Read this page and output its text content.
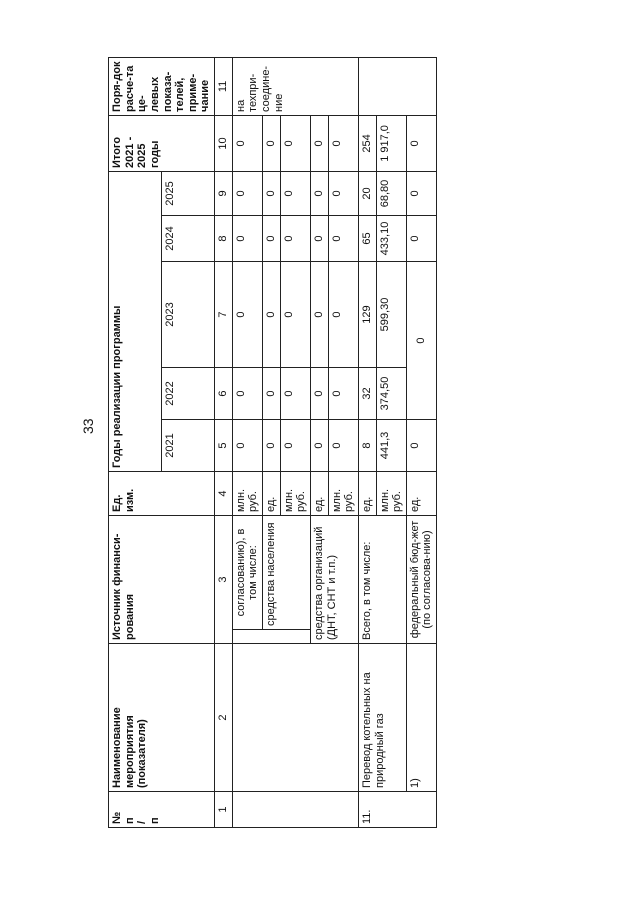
33
№
п
/
п	Наименование мероприятия (показателя)	Источник финанси-рования		Ед. изм.	Годы реализации программы					Итого 2021 - 2025 годы	Поря-док расче-та це-левых показа-телей, приме-чание
					2021	2022	2023	2024	2025		
1	2	3		4	5	6	7	8	9	10	11
			согласованию), в том числе:	млн. руб.	0	0	0	0	0	0	на техпри-соедине-ние
			средства населения	ед.	0	0	0	0	0	0	
				млн. руб.	0	0	0	0	0	0	
		средства организаций (ДНТ, СНТ и т.п.)		ед.	0	0	0	0	0	0	
				млн. руб.	0	0	0	0	0	0	
11.	Перевод котельных на природный газ	Всего, в том числе:		ед.	8	32	129	65	20	254	
				млн. руб.	441,3	374,50	599,30	433,10	68,80	1 917,0	
	1)	федеральный бюд-жет (по согласова-нию)		ед.	0	0		0	0	0	
